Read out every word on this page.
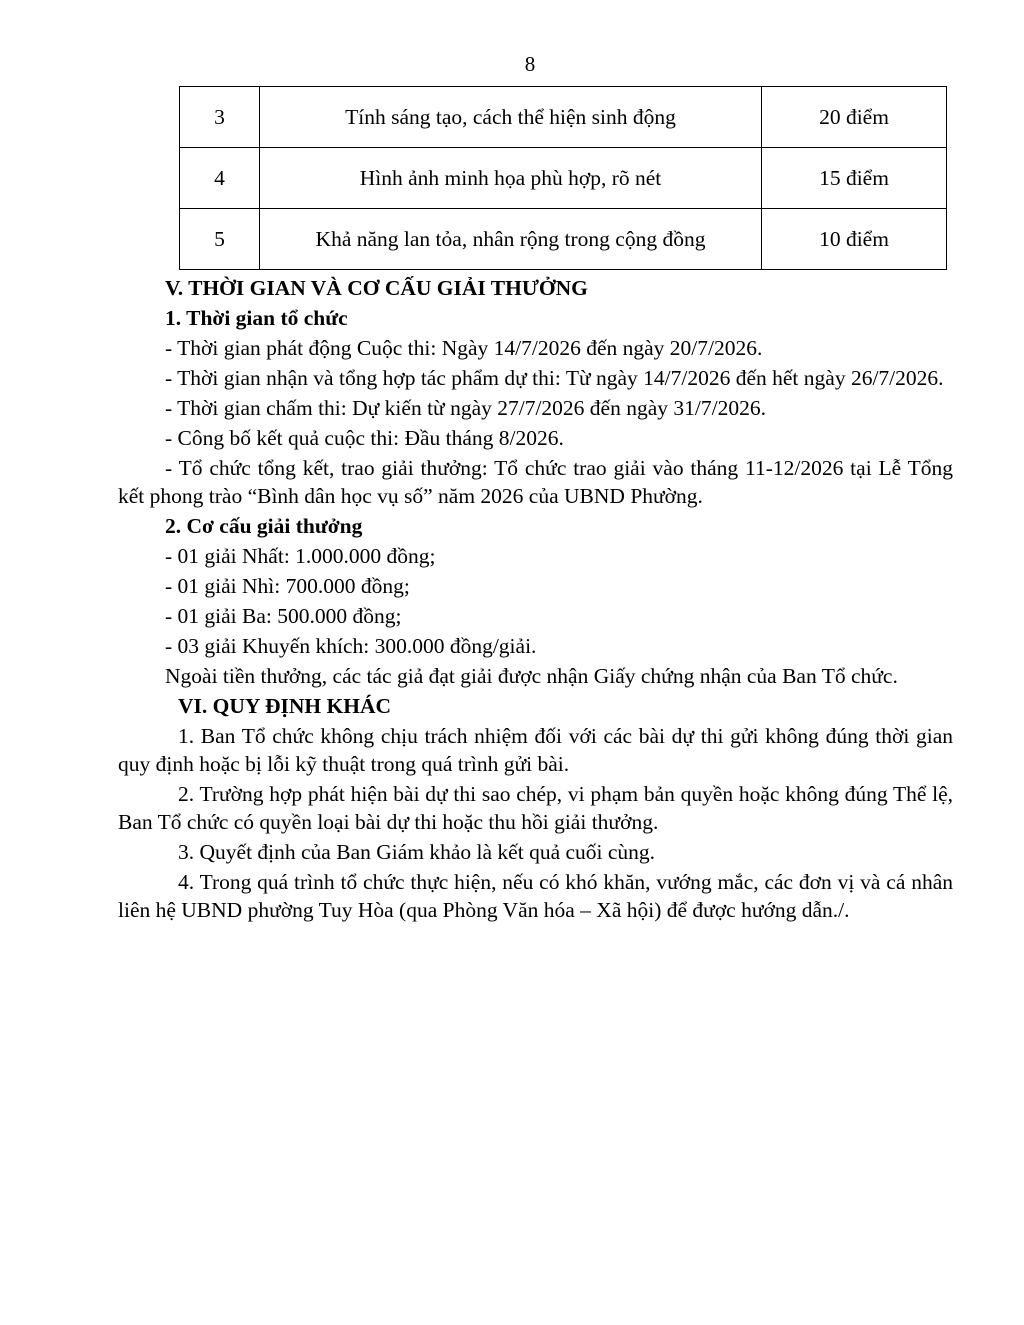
8
3	Tính sáng tạo, cách thể hiện sinh động	20 điểm
4	Hình ảnh minh họa phù hợp, rõ nét	15 điểm
5	Khả năng lan tỏa, nhân rộng trong cộng đồng	10 điểm

V. THỜI GIAN VÀ CƠ CẤU GIẢI THƯỞNG

1. Thời gian tổ chức

- Thời gian phát động Cuộc thi: Ngày 14/7/2026 đến ngày 20/7/2026.

- Thời gian nhận và tổng hợp tác phẩm dự thi: Từ ngày 14/7/2026 đến hết ngày 26/7/2026.

- Thời gian chấm thi: Dự kiến từ ngày 27/7/2026 đến ngày 31/7/2026.

- Công bố kết quả cuộc thi: Đầu tháng 8/2026.

- Tổ chức tổng kết, trao giải thưởng: Tổ chức trao giải vào tháng 11-12/2026 tại Lễ Tổng kết phong trào “Bình dân học vụ số” năm 2026 của UBND Phường.

2. Cơ cấu giải thưởng

- 01 giải Nhất: 1.000.000 đồng;

- 01 giải Nhì: 700.000 đồng;

- 01 giải Ba: 500.000 đồng;

- 03 giải Khuyến khích: 300.000 đồng/giải.

Ngoài tiền thưởng, các tác giả đạt giải được nhận Giấy chứng nhận của Ban Tổ chức.

VI. QUY ĐỊNH KHÁC

1. Ban Tổ chức không chịu trách nhiệm đối với các bài dự thi gửi không đúng thời gian quy định hoặc bị lỗi kỹ thuật trong quá trình gửi bài.

2. Trường hợp phát hiện bài dự thi sao chép, vi phạm bản quyền hoặc không đúng Thể lệ, Ban Tổ chức có quyền loại bài dự thi hoặc thu hồi giải thưởng.

3. Quyết định của Ban Giám khảo là kết quả cuối cùng.

4. Trong quá trình tổ chức thực hiện, nếu có khó khăn, vướng mắc, các đơn vị và cá nhân liên hệ UBND phường Tuy Hòa (qua Phòng Văn hóa – Xã hội) để được hướng dẫn./.
